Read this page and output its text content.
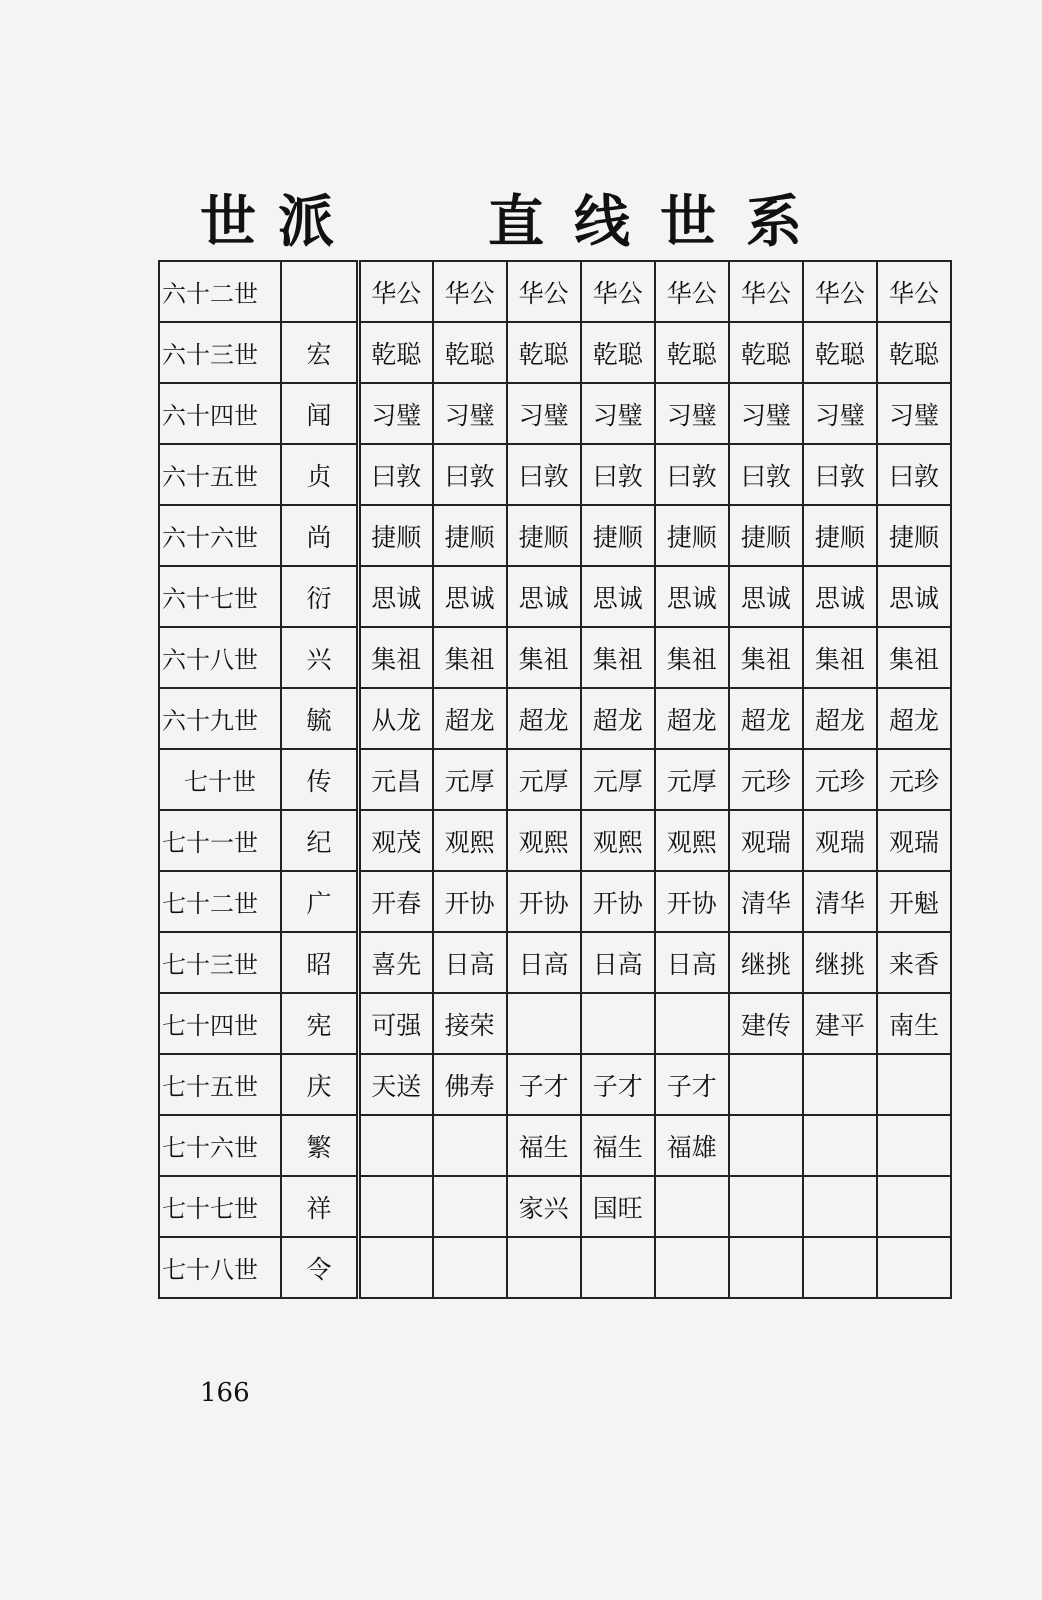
世派 直线世系
六十二世		华公	华公	华公	华公	华公	华公	华公	华公
六十三世	宏	乾聪	乾聪	乾聪	乾聪	乾聪	乾聪	乾聪	乾聪
六十四世	闻	习璧	习璧	习璧	习璧	习璧	习璧	习璧	习璧
六十五世	贞	曰敦	曰敦	曰敦	曰敦	曰敦	曰敦	曰敦	曰敦
六十六世	尚	捷顺	捷顺	捷顺	捷顺	捷顺	捷顺	捷顺	捷顺
六十七世	衍	思诚	思诚	思诚	思诚	思诚	思诚	思诚	思诚
六十八世	兴	集祖	集祖	集祖	集祖	集祖	集祖	集祖	集祖
六十九世	毓	从龙	超龙	超龙	超龙	超龙	超龙	超龙	超龙
七十世	传	元昌	元厚	元厚	元厚	元厚	元珍	元珍	元珍
七十一世	纪	观茂	观熙	观熙	观熙	观熙	观瑞	观瑞	观瑞
七十二世	广	开春	开协	开协	开协	开协	清华	清华	开魁
七十三世	昭	喜先	日高	日高	日高	日高	继挑	继挑	来香
七十四世	宪	可强	接荣				建传	建平	南生
七十五世	庆	天送	佛寿	子才	子才	子才			
七十六世	繁			福生	福生	福雄			
七十七世	祥			家兴	国旺				
七十八世	令								
166
